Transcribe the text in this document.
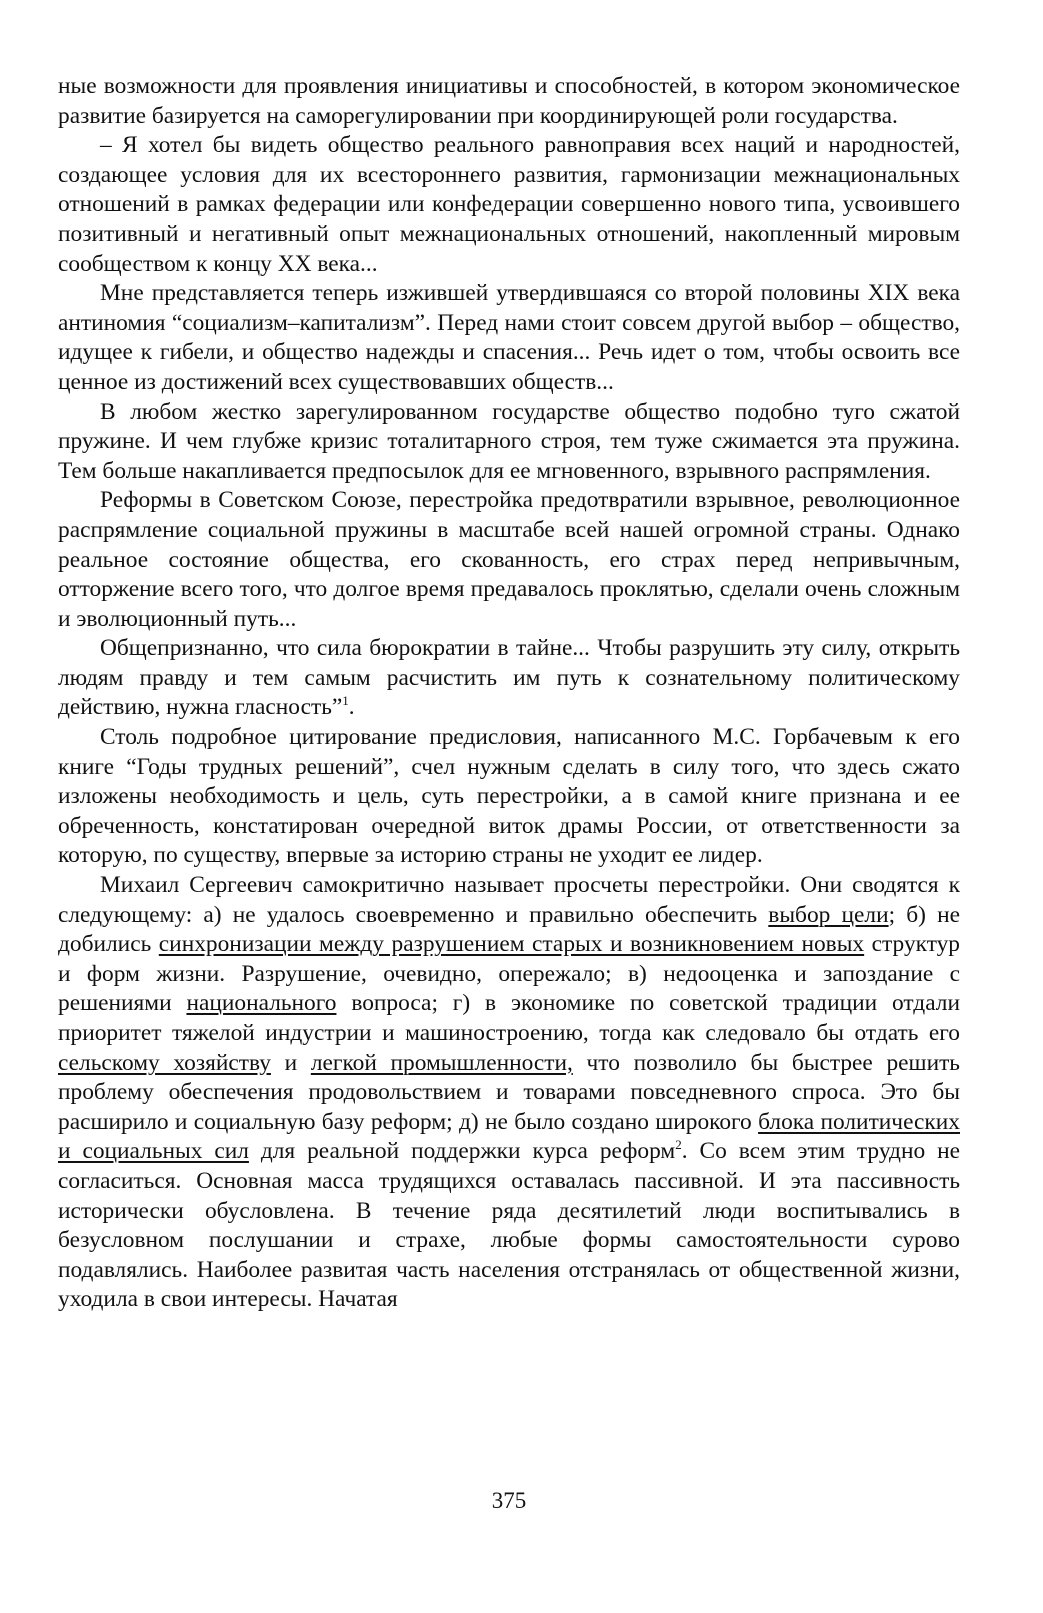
ные возможности для проявления инициативы и способностей, в котором экономическое развитие базируется на саморегулировании при координирующей роли государства.

– Я хотел бы видеть общество реального равноправия всех наций и народностей, создающее условия для их всестороннего развития, гармонизации межнациональных отношений в рамках федерации или конфедерации совершенно нового типа, усвоившего позитивный и негативный опыт межнациональных отношений, накопленный мировым сообществом к концу XX века...

Мне представляется теперь изжившей утвердившаяся со второй половины XIX века антиномия “социализм–капитализм”. Перед нами стоит совсем другой выбор – общество, идущее к гибели, и общество надежды и спасения... Речь идет о том, чтобы освоить все ценное из достижений всех существовавших обществ...

В любом жестко зарегулированном государстве общество подобно туго сжатой пружине. И чем глубже кризис тоталитарного строя, тем туже сжимается эта пружина. Тем больше накапливается предпосылок для ее мгновенного, взрывного распрямления.

Реформы в Советском Союзе, перестройка предотвратили взрывное, революционное распрямление социальной пружины в масштабе всей нашей огромной страны. Однако реальное состояние общества, его скованность, его страх перед непривычным, отторжение всего того, что долгое время предавалось проклятью, сделали очень сложным и эволюционный путь...

Общепризнанно, что сила бюрократии в тайне... Чтобы разрушить эту силу, открыть людям правду и тем самым расчистить им путь к сознательному политическому действию, нужна гласность”$^1$.

Столь подробное цитирование предисловия, написанного М.С. Горбачевым к его книге “Годы трудных решений”, счел нужным сделать в силу того, что здесь сжато изложены необходимость и цель, суть перестройки, а в самой книге признана и ее обреченность, констатирован очередной виток драмы России, от ответственности за которую, по существу, впервые за историю страны не уходит ее лидер.

Михаил Сергеевич самокритично называет просчеты перестройки. Они сводятся к следующему: а) не удалось своевременно и правильно обеспечить выбор цели; б) не добились синхронизации между разрушением старых и возникновением новых структур и форм жизни. Разрушение, очевидно, опережало; в) недооценка и запоздание с решениями национального вопроса; г) в экономике по советской традиции отдали приоритет тяжелой индустрии и машиностроению, тогда как следовало бы отдать его сельскому хозяйству и легкой промышленности, что позволило бы быстрее решить проблему обеспечения продовольствием и товарами повседневного спроса. Это бы расширило и социальную базу реформ; д) не было создано широкого блока политических и социальных сил для реальной поддержки курса реформ$^2$. Со всем этим трудно не согласиться. Основная масса трудящихся оставалась пассивной. И эта пассивность исторически обусловлена. В течение ряда десятилетий люди воспитывались в безусловном послушании и страхе, любые формы самостоятельности сурово подавлялись. Наиболее развитая часть населения отстранялась от общественной жизни, уходила в свои интересы. Начатая

375
